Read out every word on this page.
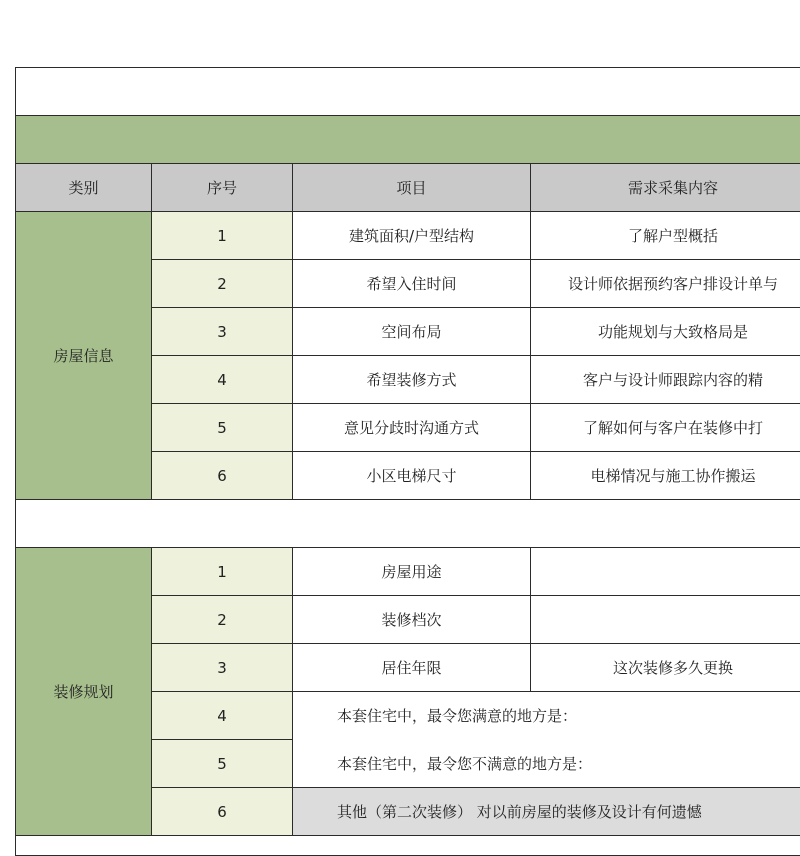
类别	序号	项目	需求采集内容
房屋信息	1	建筑面积/户型结构	了解户型概括
	2	希望入住时间	设计师依据预约客户排设计单与
	3	空间布局	功能规划与大致格局是
	4	希望装修方式	客户与设计师跟踪内容的精
	5	意见分歧时沟通方式	了解如何与客户在装修中打
	6	小区电梯尺寸	电梯情况与施工协作搬运

装修规划	1	房屋用途	
	2	装修档次	
	3	居住年限	这次装修多久更换
	4	本套住宅中，最令您满意的地方是：	
	5	本套住宅中，最令您不满意的地方是：	
	6	其他（第二次装修） 对以前房屋的装修及设计有何遗憾	
